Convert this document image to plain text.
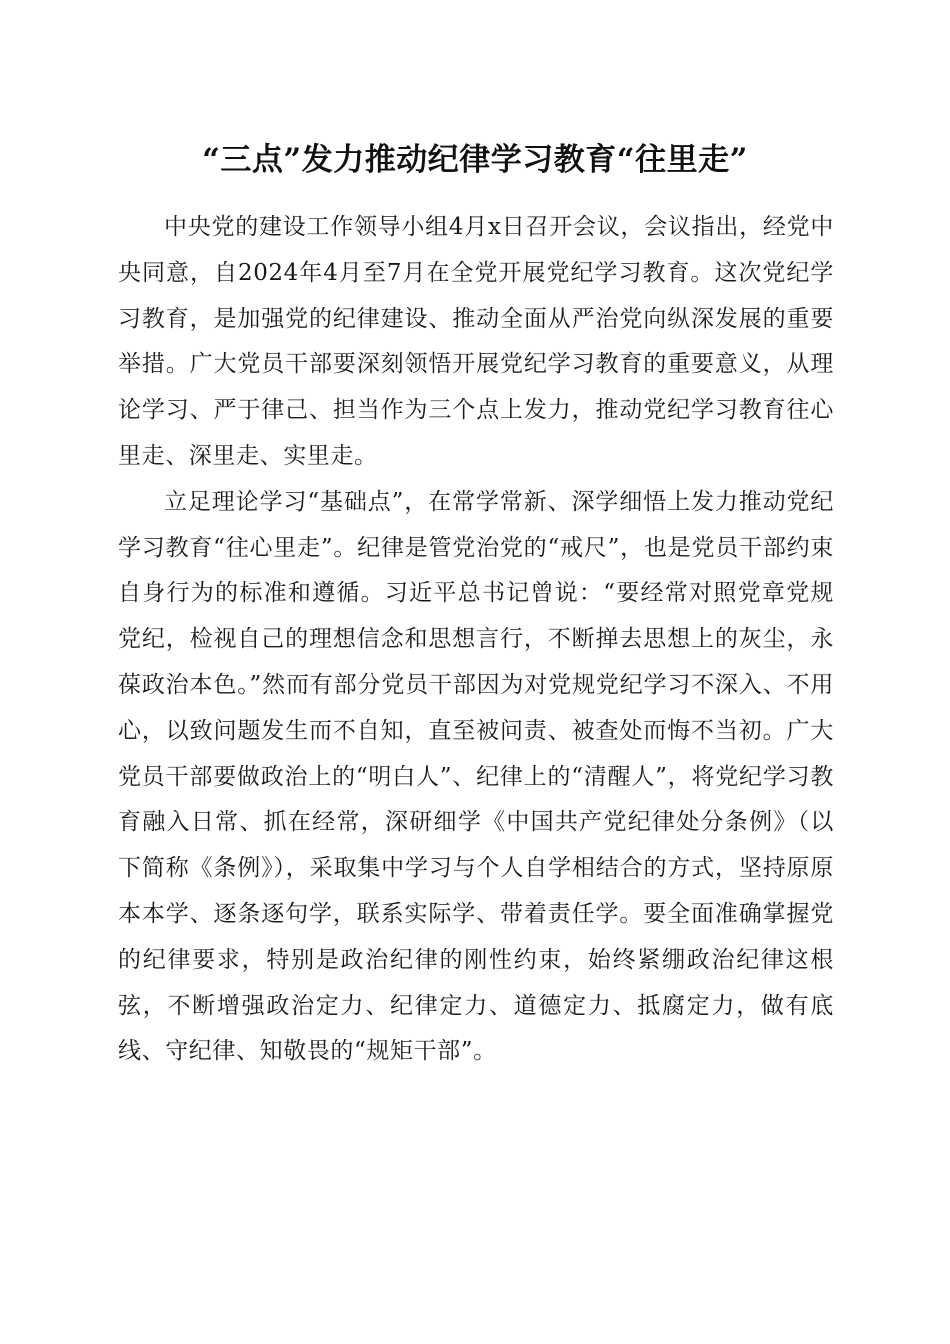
“三点”发力推动纪律学习教育“往里走”

中央党的建设工作领导小组4月x日召开会议，会议指出，经党中央同意，自2024年4月至7月在全党开展党纪学习教育。这次党纪学习教育，是加强党的纪律建设、推动全面从严治党向纵深发展的重要举措。广大党员干部要深刻领悟开展党纪学习教育的重要意义，从理论学习、严于律己、担当作为三个点上发力，推动党纪学习教育往心里走、深里走、实里走。

立足理论学习“基础点”，在常学常新、深学细悟上发力推动党纪学习教育“往心里走”。纪律是管党治党的“戒尺”，也是党员干部约束自身行为的标准和遵循。习近平总书记曾说：“要经常对照党章党规党纪，检视自己的理想信念和思想言行，不断掸去思想上的灰尘，永葆政治本色。”然而有部分党员干部因为对党规党纪学习不深入、不用心，以致问题发生而不自知，直至被问责、被查处而悔不当初。广大党员干部要做政治上的“明白人”、纪律上的“清醒人”，将党纪学习教育融入日常、抓在经常，深研细学《中国共产党纪律处分条例》（以下简称《条例》），采取集中学习与个人自学相结合的方式，坚持原原本本学、逐条逐句学，联系实际学、带着责任学。要全面准确掌握党的纪律要求，特别是政治纪律的刚性约束，始终紧绷政治纪律这根弦，不断增强政治定力、纪律定力、道德定力、抵腐定力，做有底线、守纪律、知敬畏的“规矩干部”。
